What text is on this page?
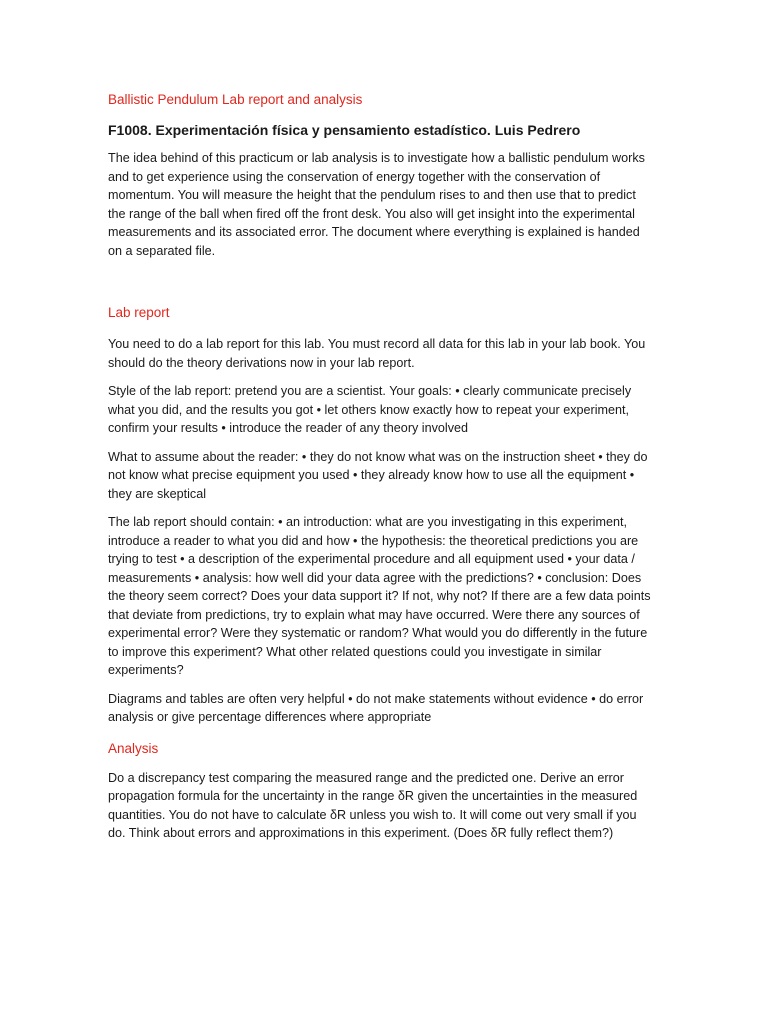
Ballistic Pendulum Lab report and analysis
F1008. Experimentación física y pensamiento estadístico. Luis Pedrero

The idea behind of this practicum or lab analysis is to investigate how a ballistic pendulum works and to get experience using the conservation of energy together with the conservation of momentum. You will measure the height that the pendulum rises to and then use that to predict the range of the ball when fired off the front desk. You also will get insight into the experimental measurements and its associated error. The document where everything is explained is handed on a separated file.

Lab report

You need to do a lab report for this lab. You must record all data for this lab in your lab book. You should do the theory derivations now in your lab report.

Style of the lab report: pretend you are a scientist. Your goals: • clearly communicate precisely what you did, and the results you got • let others know exactly how to repeat your experiment, confirm your results • introduce the reader of any theory involved

What to assume about the reader: • they do not know what was on the instruction sheet • they do not know what precise equipment you used • they already know how to use all the equipment • they are skeptical

The lab report should contain: • an introduction: what are you investigating in this experiment, introduce a reader to what you did and how • the hypothesis: the theoretical predictions you are trying to test • a description of the experimental procedure and all equipment used • your data / measurements • analysis: how well did your data agree with the predictions? • conclusion: Does the theory seem correct? Does your data support it? If not, why not? If there are a few data points that deviate from predictions, try to explain what may have occurred. Were there any sources of experimental error? Were they systematic or random? What would you do differently in the future to improve this experiment? What other related questions could you investigate in similar experiments?

Diagrams and tables are often very helpful • do not make statements without evidence • do error analysis or give percentage differences where appropriate

Analysis

Do a discrepancy test comparing the measured range and the predicted one. Derive an error propagation formula for the uncertainty in the range δR given the uncertainties in the measured quantities. You do not have to calculate δR unless you wish to. It will come out very small if you do. Think about errors and approximations in this experiment. (Does δR fully reflect them?)
